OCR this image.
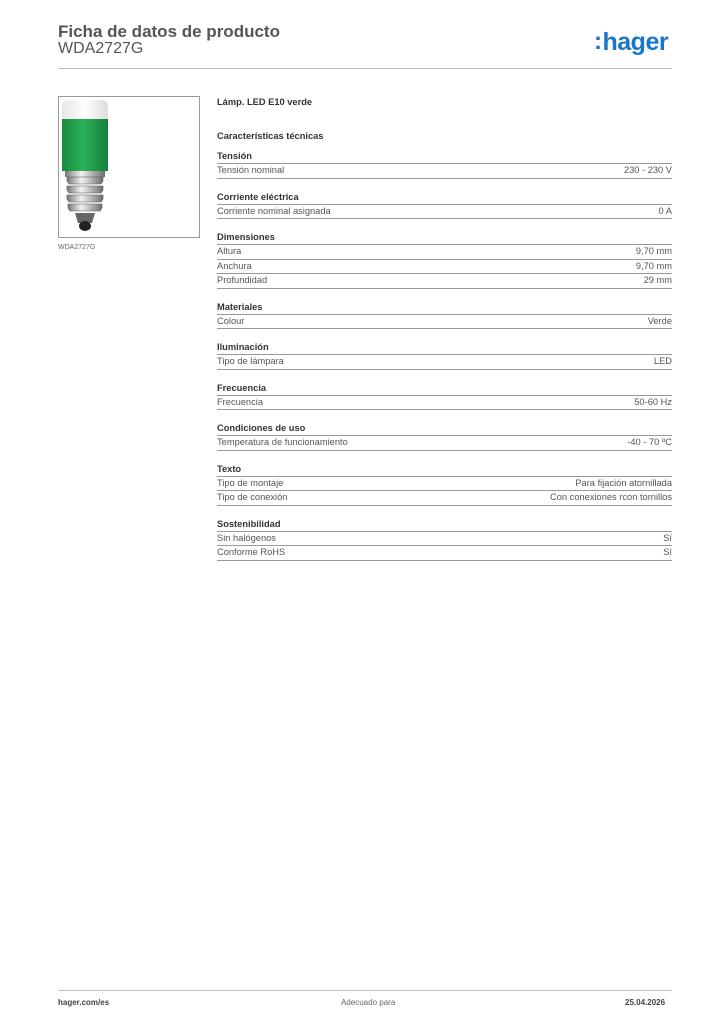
Ficha de datos de producto
WDA2727G	:hager
WDA2727G
Lámp. LED E10 verde
Características técnicas
Tensión
Tensión nominal	230 - 230 V
Corriente eléctrica
Corriente nominal asignada	0 A
Dimensiones
Altura	9,70 mm
Anchura	9,70 mm
Profundidad	29 mm
Materiales
Colour	Verde
Iluminación
Tipo de lámpara	LED
Frecuencia
Frecuencia	50-60 Hz
Condiciones de uso
Temperatura de funcionamiento	-40 - 70 ºC
Texto
Tipo de montaje	Para fijación atornillada
Tipo de conexión	Con conexiones rcon tornillos
Sostenibilidad
Sin halógenos	Sí
Conforme RoHS	Sí
hager.com/es	Adecuado para	25.04.2026
